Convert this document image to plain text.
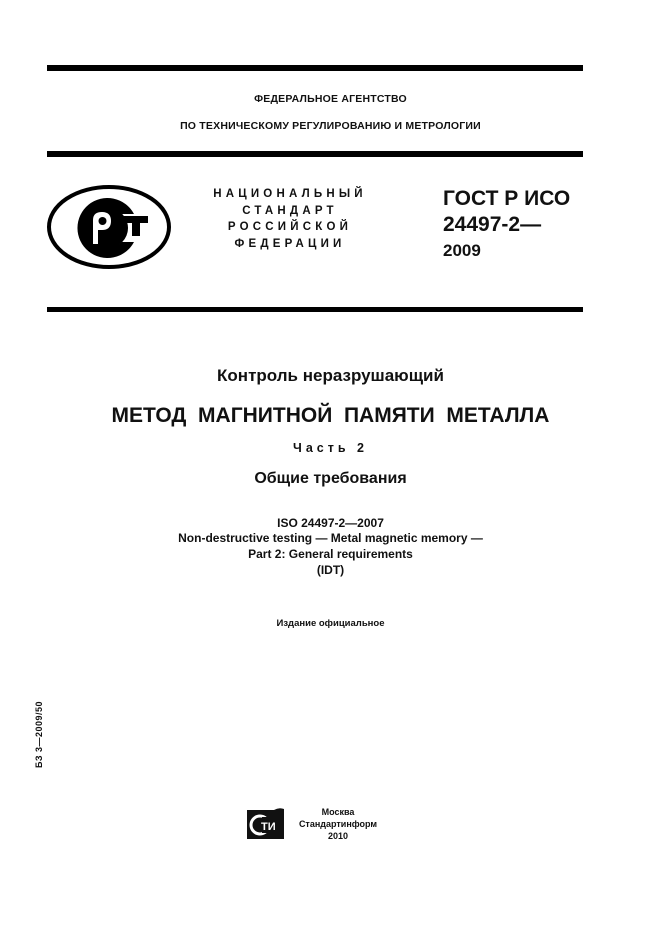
ФЕДЕРАЛЬНОЕ АГЕНТСТВО
ПО ТЕХНИЧЕСКОМУ РЕГУЛИРОВАНИЮ И МЕТРОЛОГИИ
НАЦИОНАЛЬНЫЙ
СТАНДАРТ
РОССИЙСКОЙ
ФЕДЕРАЦИИ
ГОСТ Р ИСО
24497-2—
2009
Контроль неразрушающий
МЕТОД  МАГНИТНОЙ  ПАМЯТИ  МЕТАЛЛА
Часть 2
Общие требования
ISO 24497-2—2007
Non-destructive testing — Metal magnetic memory —
Part 2: General requirements
(IDT)
Издание официальное
БЗ 3—2009/50
ТИ
Москва
Стандартинформ
2010
